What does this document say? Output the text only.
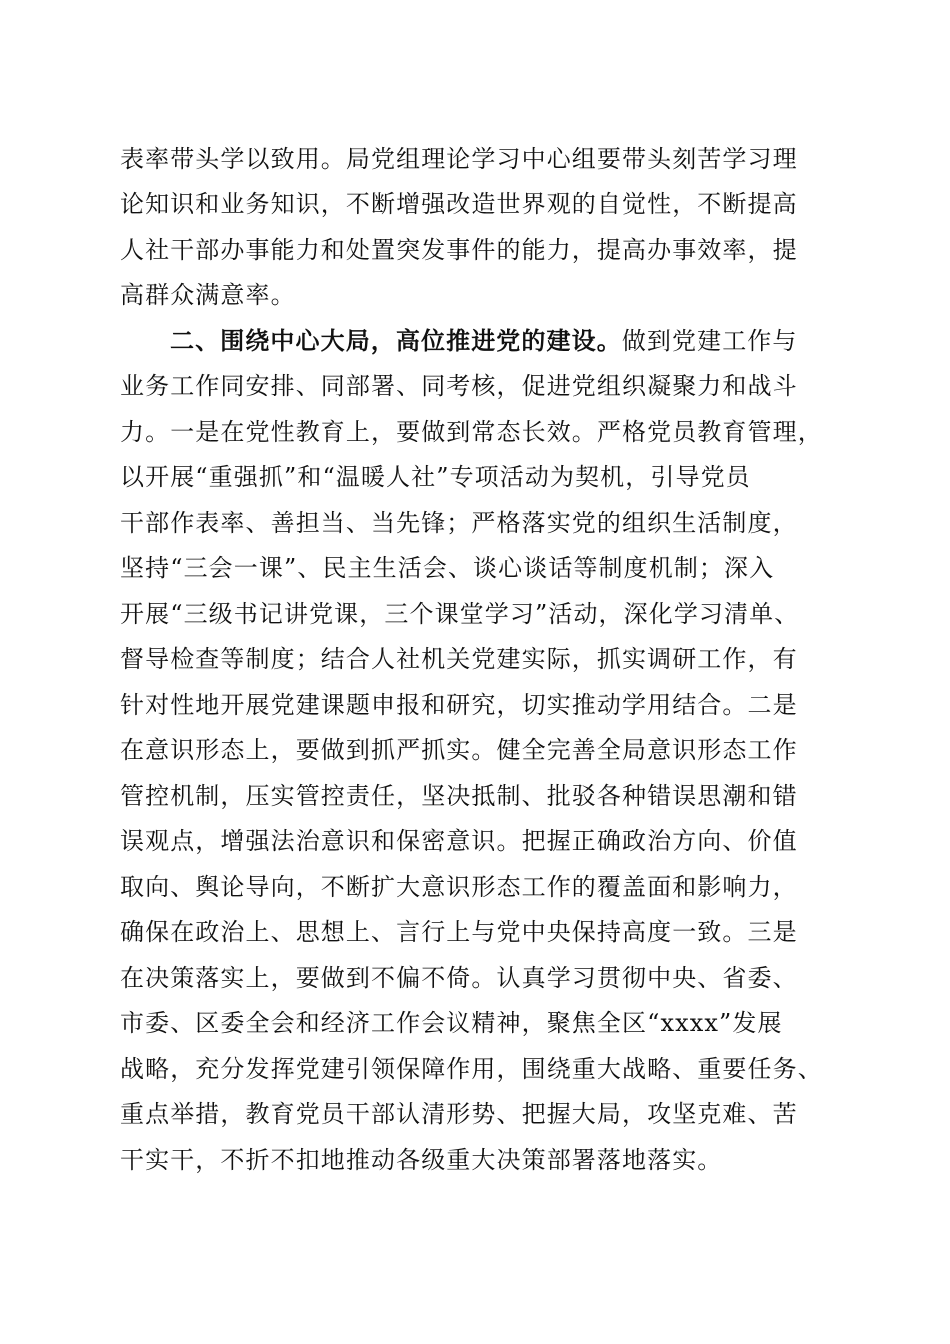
表率带头学以致用。局党组理论学习中心组要带头刻苦学习理
论知识和业务知识，不断增强改造世界观的自觉性，不断提高
人社干部办事能力和处置突发事件的能力，提高办事效率，提
高群众满意率。
二、围绕中心大局，高位推进党的建设。做到党建工作与
业务工作同安排、同部署、同考核，促进党组织凝聚力和战斗
力。一是在党性教育上，要做到常态长效。严格党员教育管理，
以开展“重强抓”和“温暖人社”专项活动为契机，引导党员
干部作表率、善担当、当先锋；严格落实党的组织生活制度，
坚持“三会一课”、民主生活会、谈心谈话等制度机制；深入
开展“三级书记讲党课，三个课堂学习”活动，深化学习清单、
督导检查等制度；结合人社机关党建实际，抓实调研工作，有
针对性地开展党建课题申报和研究，切实推动学用结合。二是
在意识形态上，要做到抓严抓实。健全完善全局意识形态工作
管控机制，压实管控责任，坚决抵制、批驳各种错误思潮和错
误观点，增强法治意识和保密意识。把握正确政治方向、价值
取向、舆论导向，不断扩大意识形态工作的覆盖面和影响力，
确保在政治上、思想上、言行上与党中央保持高度一致。三是
在决策落实上，要做到不偏不倚。认真学习贯彻中央、省委、
市委、区委全会和经济工作会议精神，聚焦全区“xxxx”发展
战略，充分发挥党建引领保障作用，围绕重大战略、重要任务、
重点举措，教育党员干部认清形势、把握大局，攻坚克难、苦
干实干，不折不扣地推动各级重大决策部署落地落实。
